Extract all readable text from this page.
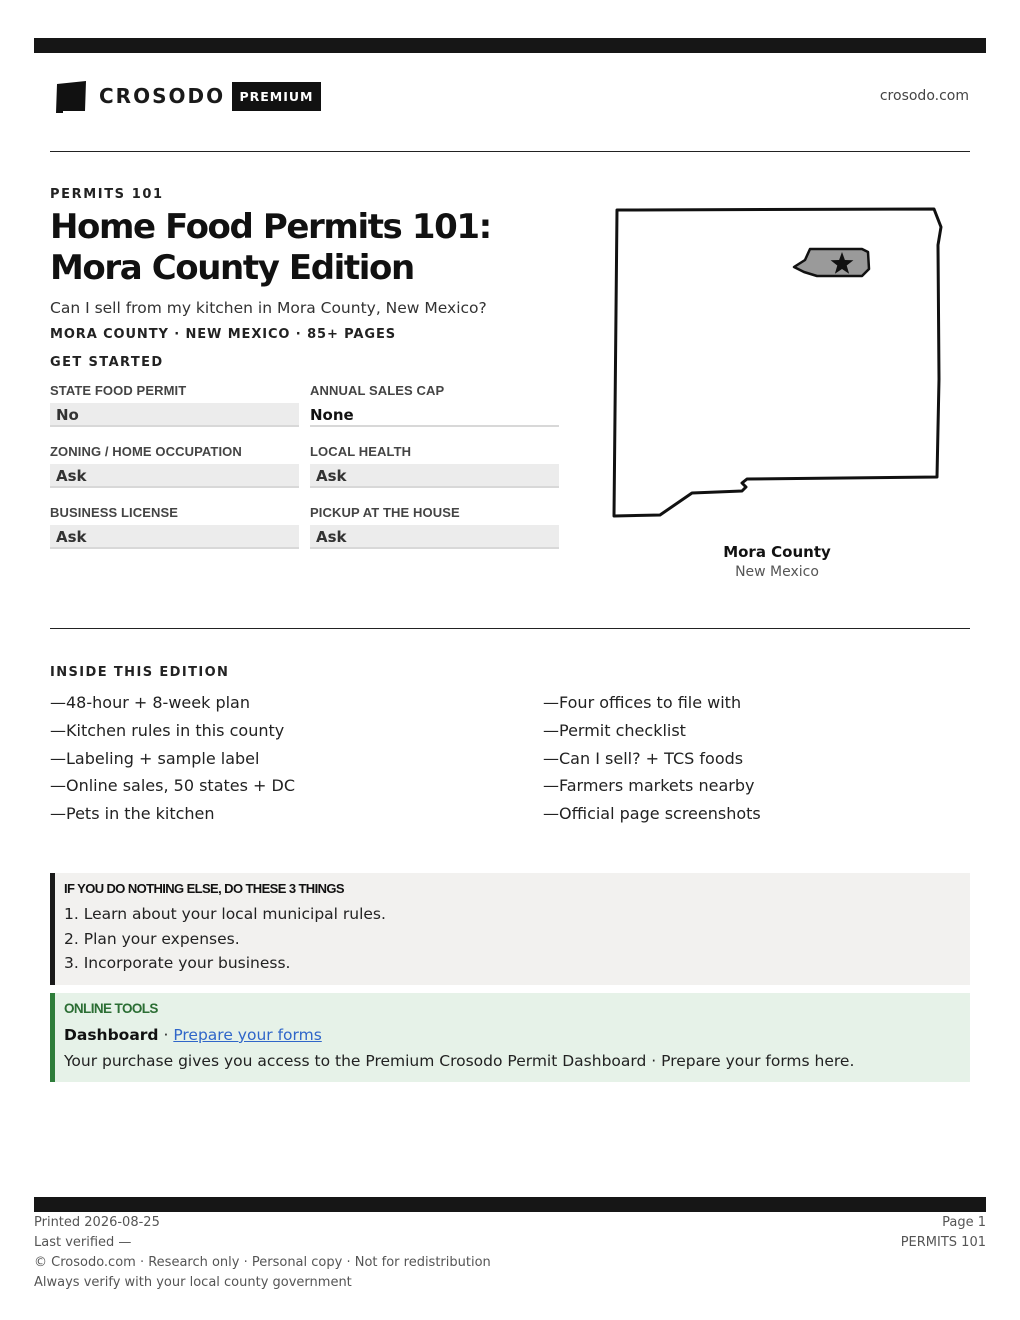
CROSODO	PREMIUM	crosodo.com
PERMITS 101
Home Food Permits 101: Mora County Edition
Can I sell from my kitchen in Mora County, New Mexico?
MORA COUNTY · NEW MEXICO · 85+ PAGES
GET STARTED
STATE FOOD PERMIT
No
ANNUAL SALES CAP
None
ZONING / HOME OCCUPATION
Ask
LOCAL HEALTH
Ask
BUSINESS LICENSE
Ask
PICKUP AT THE HOUSE
Ask
Mora County
New Mexico
INSIDE THIS EDITION
—48-hour + 8-week plan
—Kitchen rules in this county
—Labeling + sample label
—Online sales, 50 states + DC
—Pets in the kitchen
—Four offices to file with
—Permit checklist
—Can I sell? + TCS foods
—Farmers markets nearby
—Official page screenshots
IF YOU DO NOTHING ELSE, DO THESE 3 THINGS
1. Learn about your local municipal rules.
2. Plan your expenses.
3. Incorporate your business.
ONLINE TOOLS
Dashboard · Prepare your forms
Your purchase gives you access to the Premium Crosodo Permit Dashboard · Prepare your forms here.
Printed 2026-08-25
Last verified —
© Crosodo.com · Research only · Personal copy · Not for redistribution
Always verify with your local county government
Page 1
PERMITS 101
